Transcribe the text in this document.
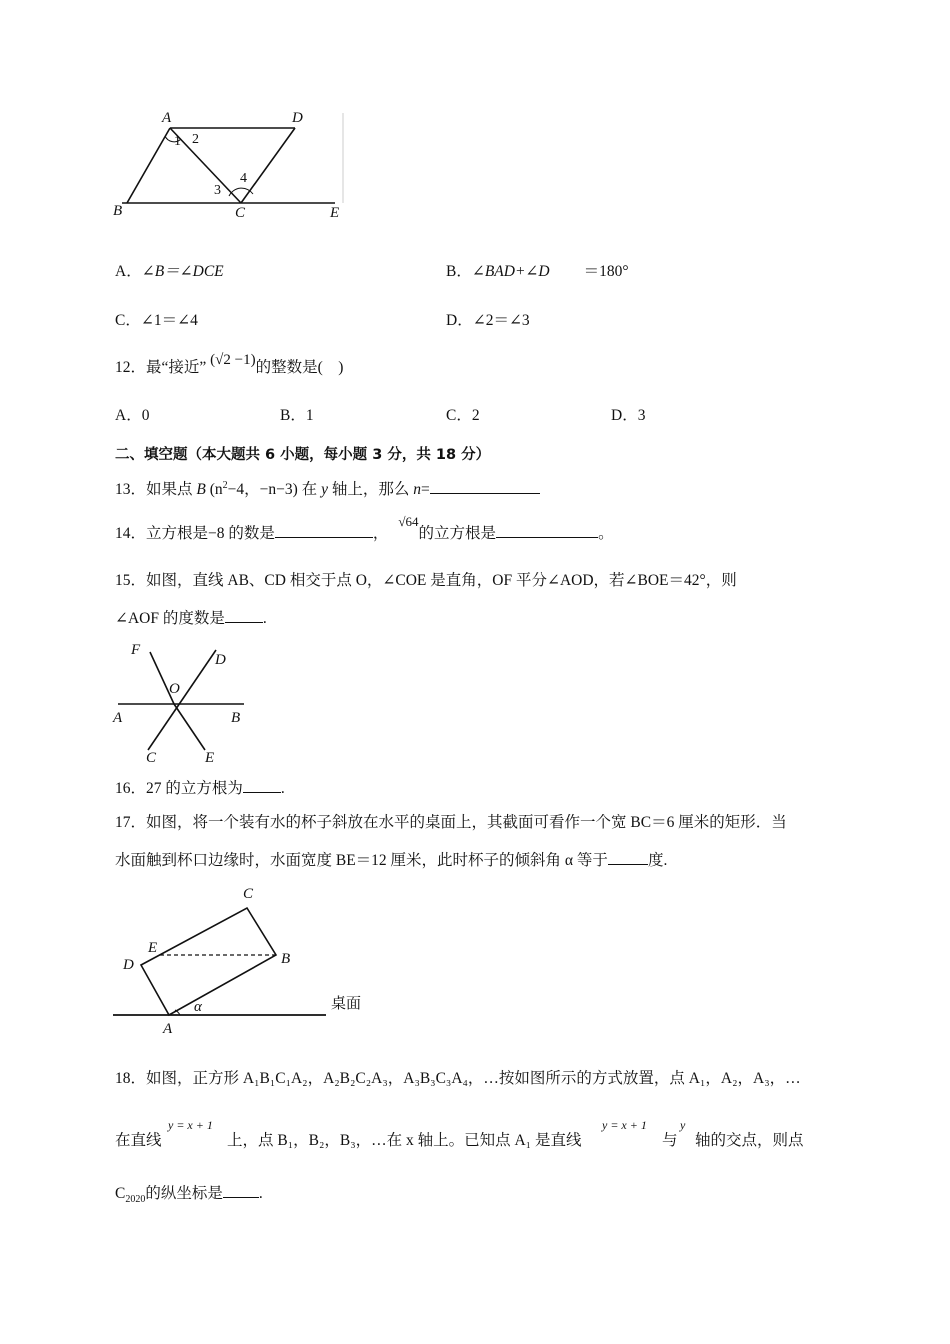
A	D
B	C	E
1 2
3
4
A．∠B＝∠DCE	B．∠BAD+∠D ＝180°
C．∠1＝∠4	D．∠2＝∠3
12．最“接近” (√2 −1)的整数是(　)
A．0	B．1	C．2	D．3
二、填空题（本大题共 6 小题，每小题 3 分，共 18 分）
13．如果点 B ($n^2-4$，−n−3) 在 y 轴上，那么 n=
14．立方根是−8 的数是	，$^{√64}$的立方根是	。
15．如图，直线 AB、CD 相交于点 O，∠COE 是直角，OF 平分∠AOD，若∠BOE＝42°，则
∠AOF 的度数是 .
F
D
O
A	B
C	E
16．27 的立方根为 .
17．如图，将一个装有水的杯子斜放在水平的桌面上，其截面可看作一个宽 BC＝6 厘米的矩形．当
水面触到杯口边缘时，水面宽度 BE＝12 厘米，此时杯子的倾斜角 α 等于	度.
C
E
D	B
α
A
桌面
18．如图，正方形 A₁B₁C₁A₂，A₂B₂C₂A₃，A₃B₃C₃A₄，…按如图所示的方式放置，点 A₁，A₂，A₃，…
y = x + 1	y = x + 1	y
在直线	上，点 B₁，B₂，B₃，…在 x 轴上。已知点 A₁ 是直线	与 轴的交点，则点
$C_{2020}$的纵坐标是 .
